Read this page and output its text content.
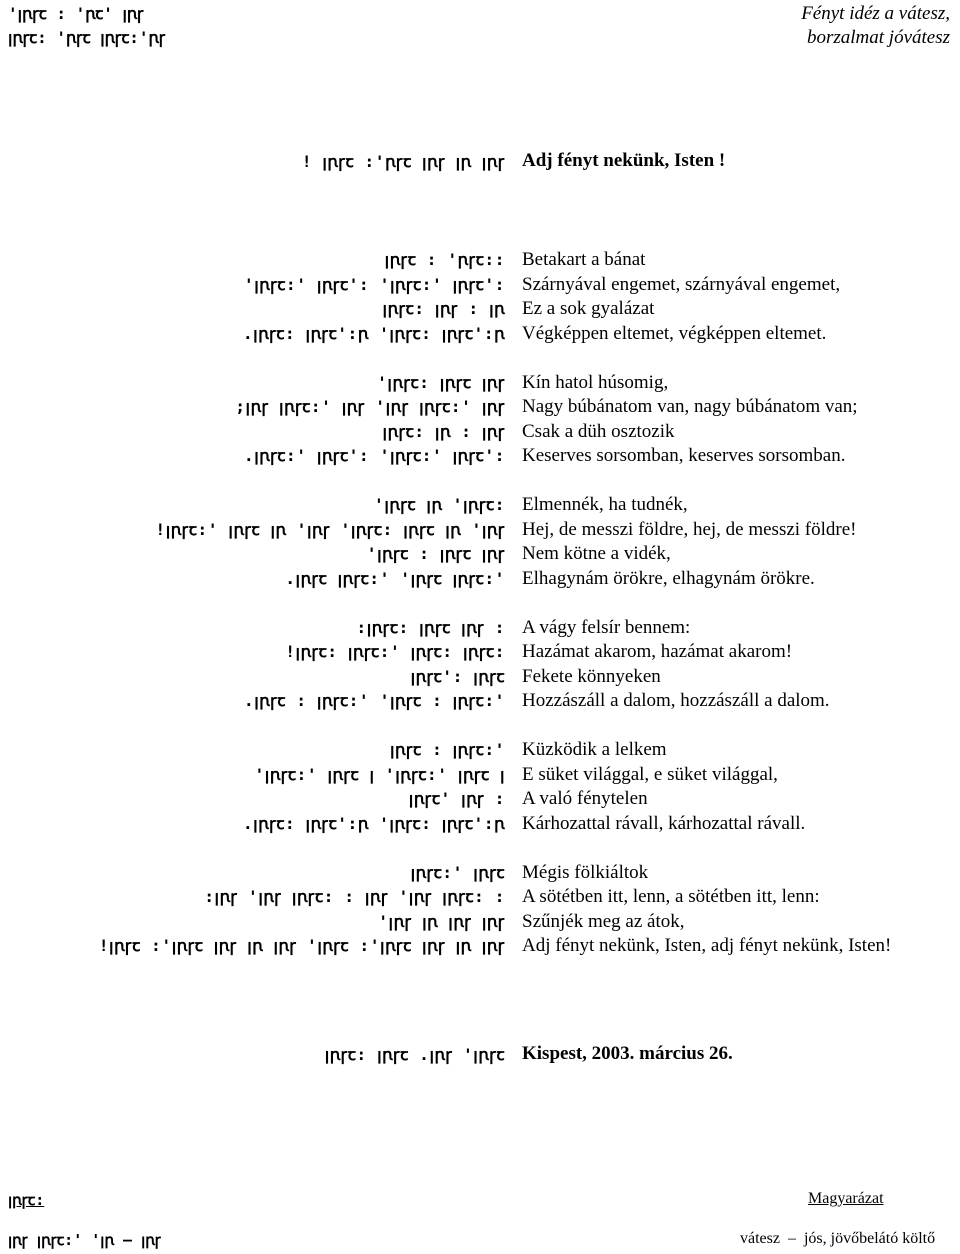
ꞌꞁꞃꞅꞇ ꞉ ꞌꞃꞇꞌ ꞁꞃꞅ
ꞁꞃꞅꞇ꞉ ꞌꞃꞅꞇ ꞁꞃꞅꞇ꞉ꞌꞃꞅ
Fényt idéz a vátesz,
borzalmat jóvátesz
! ꞁꞃꞅꞇ ꞉ꞌꞃꞅꞇ ꞁꞃꞅ ꞁꞃ ꞁꞃꞅ Adj fényt nekünk, Isten !
ꞁꞃꞅꞇ ꞉ ꞌꞃꞅꞇ꞉꞉
ꞌꞁꞃꞅꞇ꞉ꞌ ꞁꞃꞅꞇꞌ꞉ ꞌꞁꞃꞅꞇ꞉ꞌ ꞁꞃꞅꞇꞌ꞉
ꞁꞃꞅꞇ꞉ ꞁꞃꞅ ꞉ ꞁꞃ
.ꞁꞃꞅꞇ꞉ ꞁꞃꞅꞇꞌ꞉ꞃ ꞌꞁꞃꞅꞇ꞉ ꞁꞃꞅꞇꞌ꞉ꞃ
ꞌꞁꞃꞅꞇ꞉ ꞁꞃꞅꞇ ꞁꞃꞅ
;ꞁꞃꞅ ꞁꞃꞅꞇ꞉ꞌ ꞁꞃꞅ ꞌꞁꞃꞅ ꞁꞃꞅꞇ꞉ꞌ ꞁꞃꞅ
ꞁꞃꞅꞇ꞉ ꞁꞃ ꞉ ꞁꞃꞅ
.ꞁꞃꞅꞇ꞉ꞌ ꞁꞃꞅꞇꞌ꞉ ꞌꞁꞃꞅꞇ꞉ꞌ ꞁꞃꞅꞇꞌ꞉
ꞌꞁꞃꞅꞇ ꞁꞃ ꞌꞁꞃꞅꞇ꞉
!ꞁꞃꞅꞇ꞉ꞌ ꞁꞃꞅꞇ ꞁꞃ ꞌꞁꞃꞅ ꞌꞁꞃꞅꞇ꞉ ꞁꞃꞅꞇ ꞁꞃ ꞌꞁꞃꞅ
ꞌꞁꞃꞅꞇ ꞉ ꞁꞃꞅꞇ ꞁꞃꞅ
.ꞁꞃꞅꞇ ꞁꞃꞅꞇ꞉ꞌ ꞌꞁꞃꞅꞇ ꞁꞃꞅꞇ꞉ꞌ
:ꞁꞃꞅꞇ꞉ ꞁꞃꞅꞇ ꞁꞃꞅ ꞉
!ꞁꞃꞅꞇ꞉ ꞁꞃꞅꞇ꞉ꞌ ꞁꞃꞅꞇ꞉ ꞁꞃꞅꞇ꞉
ꞁꞃꞅꞇꞌ꞉ ꞁꞃꞅꞇ
.ꞁꞃꞅꞇ ꞉ ꞁꞃꞅꞇ꞉ꞌ ꞌꞁꞃꞅꞇ ꞉ ꞁꞃꞅꞇ꞉ꞌ
ꞁꞃꞅꞇ ꞉ ꞁꞃꞅꞇ꞉ꞌ
ꞌꞁꞃꞅꞇ꞉ꞌ ꞁꞃꞅꞇ ꞁ ꞌꞁꞃꞅꞇ꞉ꞌ ꞁꞃꞅꞇ ꞁ
ꞁꞃꞅꞇꞌ ꞁꞃꞅ ꞉
.ꞁꞃꞅꞇ꞉ ꞁꞃꞅꞇꞌ꞉ꞃ ꞌꞁꞃꞅꞇ꞉ ꞁꞃꞅꞇꞌ꞉ꞃ
ꞁꞃꞅꞇ꞉ꞌ ꞁꞃꞅꞇ
:ꞁꞃꞅ ꞌꞁꞃꞅ ꞁꞃꞅꞇ꞉ ꞉ ꞁꞃꞅ ꞌꞁꞃꞅ ꞁꞃꞅꞇ꞉ ꞉
ꞌꞁꞃꞅ ꞁꞃ ꞁꞃꞅ ꞁꞃꞅ
!ꞁꞃꞅꞇ ꞉ꞌꞁꞃꞅꞇ ꞁꞃꞅ ꞁꞃ ꞁꞃꞅ ꞌꞁꞃꞅꞇ ꞉ꞌꞁꞃꞅꞇ ꞁꞃꞅ ꞁꞃ ꞁꞃꞅ
Betakart a bánat
Szárnyával engemet, szárnyával engemet,
Ez a sok gyalázat
Végképpen eltemet, végképpen eltemet.
Kín hatol húsomig,
Nagy búbánatom van, nagy búbánatom van;
Csak a düh osztozik
Keserves sorsomban, keserves sorsomban.
Elmennék, ha tudnék,
Hej, de messzi földre, hej, de messzi földre!
Nem kötne a vidék,
Elhagynám örökre, elhagynám örökre.
A vágy felsír bennem:
Hazámat akarom, hazámat akarom!
Fekete könnyeken
Hozzászáll a dalom, hozzászáll a dalom.
Küzködik a lelkem
E süket világgal, e süket világgal,
A való fénytelen
Kárhozattal rávall, kárhozattal rávall.
Mégis fölkiáltok
A sötétben itt, lenn, a sötétben itt, lenn:
Szűnjék meg az átok,
Adj fényt nekünk, Isten, adj fényt nekünk, Isten!
ꞁꞃꞅꞇ꞉ ꞁꞃꞅꞇ .ꞁꞃꞅ ꞌꞁꞃꞅꞇ Kispest, 2003. március 26.
ꞁꞃꞅꞇ꞉	Magyarázat
ꞁꞃꞅ ꞁꞃꞅꞇ꞉ꞌ ꞌꞁꞃ — ꞁꞃꞅ	vátesz  –  jós, jövőbelátó költő
